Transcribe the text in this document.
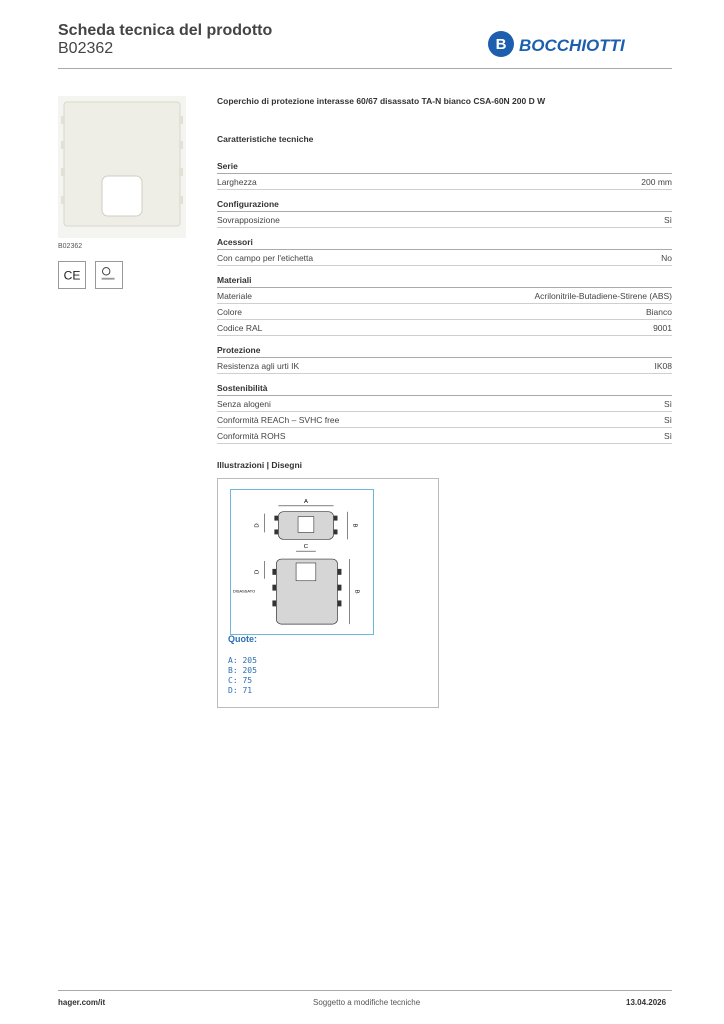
Scheda tecnica del prodotto
B02362	B BOCCHIOTTI
B02362
CE
Coperchio di protezione interasse 60/67 disassato TA-N bianco CSA-60N 200 D W
Caratteristiche tecniche
Serie
Larghezza	200 mm
Configurazione
Sovrapposizione	Sì
Acessori
Con campo per l'etichetta	No
Materiali
Materiale	Acrilonitrile-Butadiene-Stirene (ABS)
Colore	Bianco
Codice RAL	9001
Protezione
Resistenza agli urti IK	IK08
Sostenibilità
Senza alogeni	Sì
Conformità REACh – SVHC free	Sì
Conformità ROHS	Sì
Illustrazioni | Disegni
A
D	B
C
D
DISASSATO	B
Quote:
A: 205
B: 205
C: 75
D: 71
hager.com/it	Soggetto a modifiche tecniche	13.04.2026
